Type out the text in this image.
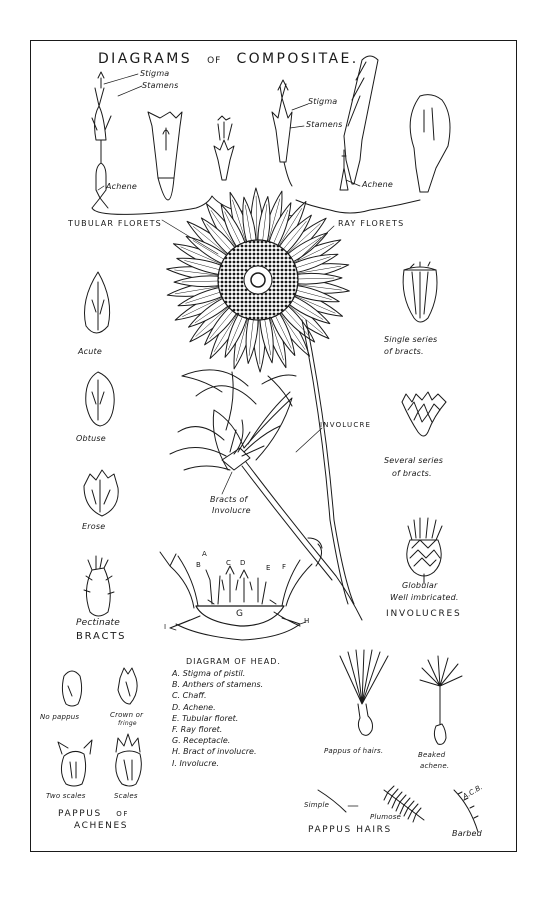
DIAGRAMS OF COMPOSITAE.
Stigma
Stamens
Achene
TUBULAR FLORETS
Stigma
Stamens
Achene
RAY FLORETS
Acute
Obtuse
Erose
Pectinate
BRACTS
INVOLUCRE
Bracts of
Involucre
Single series
of bracts.
Several series
of bracts.
Globular
Well imbricated.
INVOLUCRES
A
B	C D
E F
G
H
I
DIAGRAM OF HEAD.
A. Stigma of pistil.
B. Anthers of stamens.
C. Chaff.
D. Achene.
E. Tubular floret.
F. Ray floret.
G. Receptacle.
H. Bract of involucre.
I. Involucre.
No pappus	Crown or
fringe
Two scales	Scales
PAPPUS OF
ACHENES
Pappus of hairs.	Beaked
achene.
Simple
Plumose
Barbed
PAPPUS HAIRS
A.C.B.
